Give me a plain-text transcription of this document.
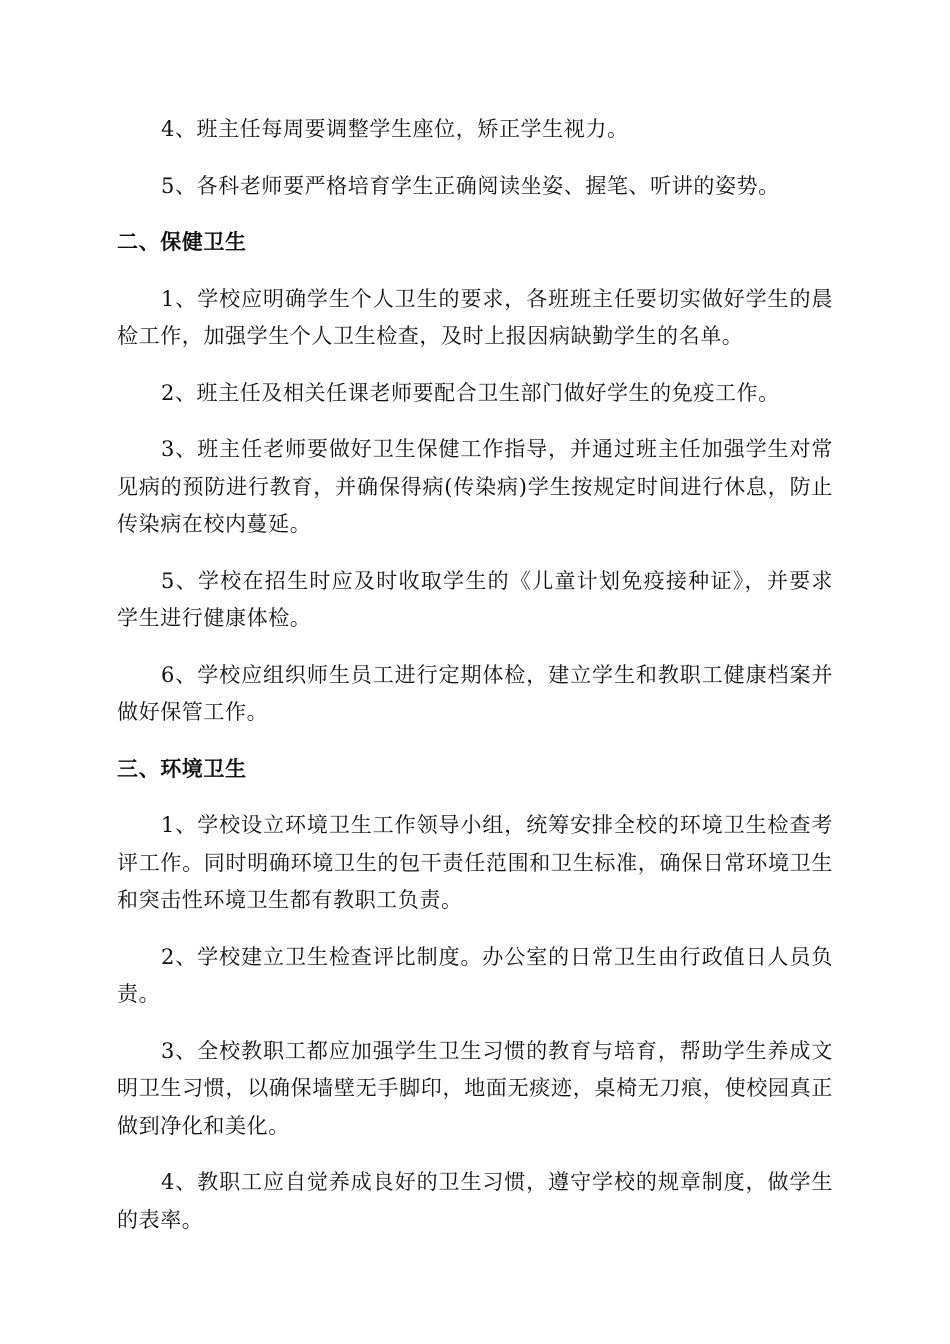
4、班主任每周要调整学生座位，矫正学生视力。

5、各科老师要严格培育学生正确阅读坐姿、握笔、听讲的姿势。

二、保健卫生

1、学校应明确学生个人卫生的要求，各班班主任要切实做好学生的晨检工作，加强学生个人卫生检查，及时上报因病缺勤学生的名单。

2、班主任及相关任课老师要配合卫生部门做好学生的免疫工作。

3、班主任老师要做好卫生保健工作指导，并通过班主任加强学生对常见病的预防进行教育，并确保得病(传染病)学生按规定时间进行休息，防止传染病在校内蔓延。

5、学校在招生时应及时收取学生的《儿童计划免疫接种证》，并要求学生进行健康体检。

6、学校应组织师生员工进行定期体检，建立学生和教职工健康档案并做好保管工作。

三、环境卫生

1、学校设立环境卫生工作领导小组，统筹安排全校的环境卫生检查考评工作。同时明确环境卫生的包干责任范围和卫生标准，确保日常环境卫生和突击性环境卫生都有教职工负责。

2、学校建立卫生检查评比制度。办公室的日常卫生由行政值日人员负责。

3、全校教职工都应加强学生卫生习惯的教育与培育，帮助学生养成文明卫生习惯，以确保墙壁无手脚印，地面无痰迹，桌椅无刀痕，使校园真正做到净化和美化。

4、教职工应自觉养成良好的卫生习惯，遵守学校的规章制度，做学生的表率。
